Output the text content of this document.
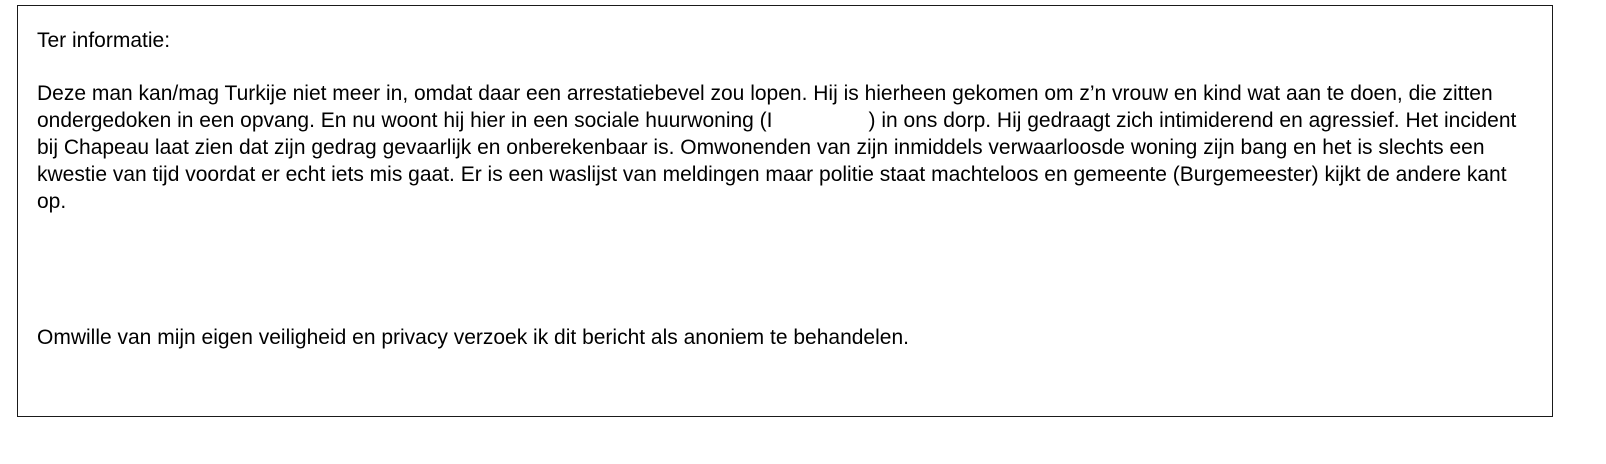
Ter informatie:

Deze man kan/mag Turkije niet meer in, omdat daar een arrestatiebevel zou lopen. Hij is hierheen gekomen om z’n vrouw en kind wat aan te doen, die zitten ondergedoken in een opvang. En nu woont hij hier in een sociale huurwoning (I	) in ons dorp. Hij gedraagt zich intimiderend en agressief. Het incident bij Chapeau laat zien dat zijn gedrag gevaarlijk en onberekenbaar is. Omwonenden van zijn inmiddels verwaarloosde woning zijn bang en het is slechts een kwestie van tijd voordat er echt iets mis gaat. Er is een waslijst van meldingen maar politie staat machteloos en gemeente (Burgemeester) kijkt de andere kant op.

Omwille van mijn eigen veiligheid en privacy verzoek ik dit bericht als anoniem te behandelen.
